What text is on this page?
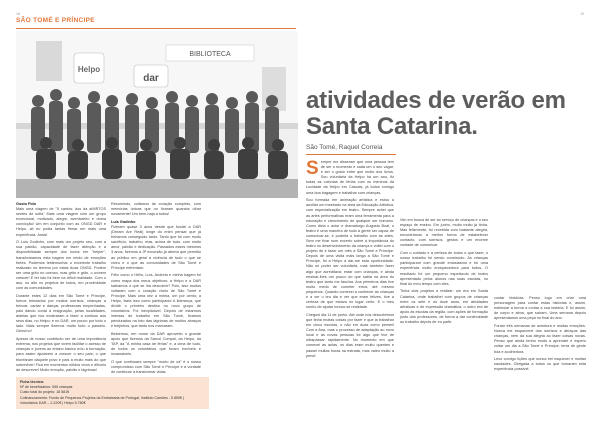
18	19
SÃO TOMÉ E PRÍNCIPE
BIBLIOTECA
Helpo
dar

Gosto Fido
Mais uma viagem de "5 cantos: dos da aMIRTOS sentes de sofia" Mais uma viagem com um grupo excecional, motivado, alegre, aventureiro e duma convicção! Um em conjunto com as ONGD DAR e Helpo, alí eu podia tantas firmar em mais uma experiência. Assis!

O Luís Godinho, com mais um projeto seu, com a sua paixão, capacidade de fazer atenção e a disponibilidade sempre dos todos em "helper", transformamos esta bagem em minto de emoções fortes. Podemos testemunhar o excelente trabalho realizado no terreno por estas duas ONGD. Podem ser uma grito no ocenso, mas grito e grito, o ovivem crescer! E ter isto foi bem na difícil realidade. Com o aso, no alto no projetos de todos, em proximidade com as comunidades.

Durante estes 12 dias em São Tomé e Príncipe, fomos brindados por muitos sorrisos, crianças a brincar, cantar e dançar, professoras empenhadas, pais dando conta a resignação, pelas localidades, aldeias que nos mostraram a fazer a sorrisos aos seus dias, no Helpo; e no DAR, um pouco por todo o lado. Mais sempre fizemos muito todo o passeio. Genuíno!

Apesar de nosso contributo ser de uma importância extrema, nos projetos que vivem facilitar o acesso de crianças e jovens ao ensino básico e/ou à formação, para assim ajudarem a crescer o seu país; o que triunfaram daquele povo e país à muito mais do que sobreviver! Fica em momentos nítidos vivos e difíceis de descrever! Muito emoção, paixão e lágrimas!

Resumindo, voltamos de coração completo, com memórias únicas que no ficaram quantos olhar novamente! Um bem-haja a todos!

Luís Godinho
Fizeram quase 3 anos desde que fundei a DAR (Dream Are Real) longe do enim pensar que já tínhamos conseguido tanto. Tanto que foi com muito sacrifício, trabalho, mas, acima de tudo, com muito amor, paixão e dedicação. Passados esses mesmos 3 anos, fizemos a 3ª excursão já aberta que permitiu ao público em geral a vivência de tudo o que se viveu e o que as comunidades de São Tomé e Príncipe enfrentam.

Feliz como o Hélio, Luís, Andreia e minha bagem foi como mapa dos meus objetivos: a Helpo e a DAR sabíamos o que se iria descobrir? Pois, isso muitos voltaram com o coração cheio de São Tomé e Príncipe. Mais uma vez a minha, um por cento; a Helpo, fazia isso como participado! A liderança, que dividir o primeiro destino no novo grupo de voluntários. Foi inexplicável. Depois de estarmos imersas de trabalho em São Tomé, ficamos pendurados na foto das lágrimas de muitos abraços e beijinhos, que tanto nos marcaram.

Bestemos, em nome da DAR aproveito o grande apoio que fizemos da Sarcol Compal, da Helpo, da TAP, da "A minha casa de férias" e, a cima de tudo, de todos os voluntários que foram incríveis e incansáveis.

O que continuará sempre "morto de cá" é o nosso compromisso com São Tomé e Príncipe e a vontade de continuar a transformar vidas.

Ficha técnica:
Nº de beneficiários: 595 crianças
Custo total do projeto: 18 581€
Cofinanciamento: Fundo de Pequenos Projetos da Embaixada de Portugal, Instituto Camões - 5 850€ )
Voluntários DAR – 2.220€ | Helpo 5.780€
atividades de verão em Santa Catarina.
São Tomé, Raquel Correia

Sempre me disseram que uma pessoa tem de ser o momento e cada um o seu vagar, e ser o gosto entre que muito dos livros. Sou voluntária da Helpo há um ano, fiz todas as colónias de férias com os meninos da Lucidade da Helpo em Cascais, já todos comigo uma boa bagagem e trabalhar com crianças.

Sou formada em animação artística e estou a auxiliar um mestrado na área da Educação Artística, com especialização em teatro. Sempre achei que as artes performativas eram uma ferramenta para a educação e crescimento de qualquer ser humano. Como dizia o actor e dramaturgo Augusto Boal, o teatro é uma maneira de toda a gente ser capaz de comunicar-se, e poderia o trabalho com as artes. Sem me fixar num excerto sobre a importância do teatro no desenvolvimento da criança e voltei com o projeto de ir fazer um mês a São Tomé e Príncipe. Depois de uma visita mais longa a São Tomé e Príncipe, foi a Helpo a dar-me esta oportunidade. Não só poder ser voluntária, mas também fazer algo que acreditava; estar com crianças, e ainda ensinar-lhes um pouco do que sabia na área do teatro que tanto me fascina. Aos primeiros dias tive muito medo de cometer erros, até mesmo pequenos. Quando comecei a conhecer as crianças e a ver o teu dia e ver que eram felizes, tive a certeza de que estava no lugar certo. E o meu sonho de ajudar tornou-se realidade.

Cheguei dia 11 de junho. Até onde nós descobrimos que tinha muitas coisas por fazer e que ia trabalhar em cinco escolas, e não em duas como pensei! Com a Ana, mas o processo de adaptação ao novo local e às novas pessoas foi algo que tive de ultrapassar rapidamente. No momento em que comecei as aulas, os dias eram muito quentes e passei muitas horas na estrada, mas valeu muito a pena!

Vim em busca de ser ao serviço de crianças e o seu espaço de ensino. Em junho, muito muito já tinha. Mas felizmente, fui recebida com bastante alegria, encontrámos a melhor forma de estabelecer contacto, com sorrisos, gestos e um enorme vontade de comunicar.

Com o cuidado e a certeza de todos o que fazer, o nosso trabalho foi sendo construído. As crianças participaram com grande entusiasmo e foi uma experiência muito enriquecedora para todos. O resultado foi um pequeno espetáculo de teatro apresentado pelos alunos nas suas escolas, no final do meu tempo com eles.

Tinha dois projetos a realizar: um era em Santa Catarina, onde trabalhei com grupos de crianças entre os sete e os doze anos, em atividades artísticas e de expressão dramática; o outro era de apoio às escolas da região, com ações de formação junto dos professores, de forma a dar continuidade ao trabalho depois de eu partir.

contar histórias. Penso logo em criar uma personagem para contar estas histórias e, assim, estimular a turma a contar a sua história. E foi assim, de corpo e alma, que saíram. Uma semana depois apresentamos uma peça no final do ano.

Foram três semanas de aventura e muitas emoções. Nunca me esquecerei dos sorrisos e abraços das crianças, nem da sua alegria ao fazer coisas novas. Penso que ainda tenho muito a aprender e espero voltar um dia a São Tomé e Príncipe, terra de gente boa e acolhedora.

Levo comigo lições que nunca irei esquecer e muitas saudades. Obrigada a todos os que tornaram esta experiência possível.
